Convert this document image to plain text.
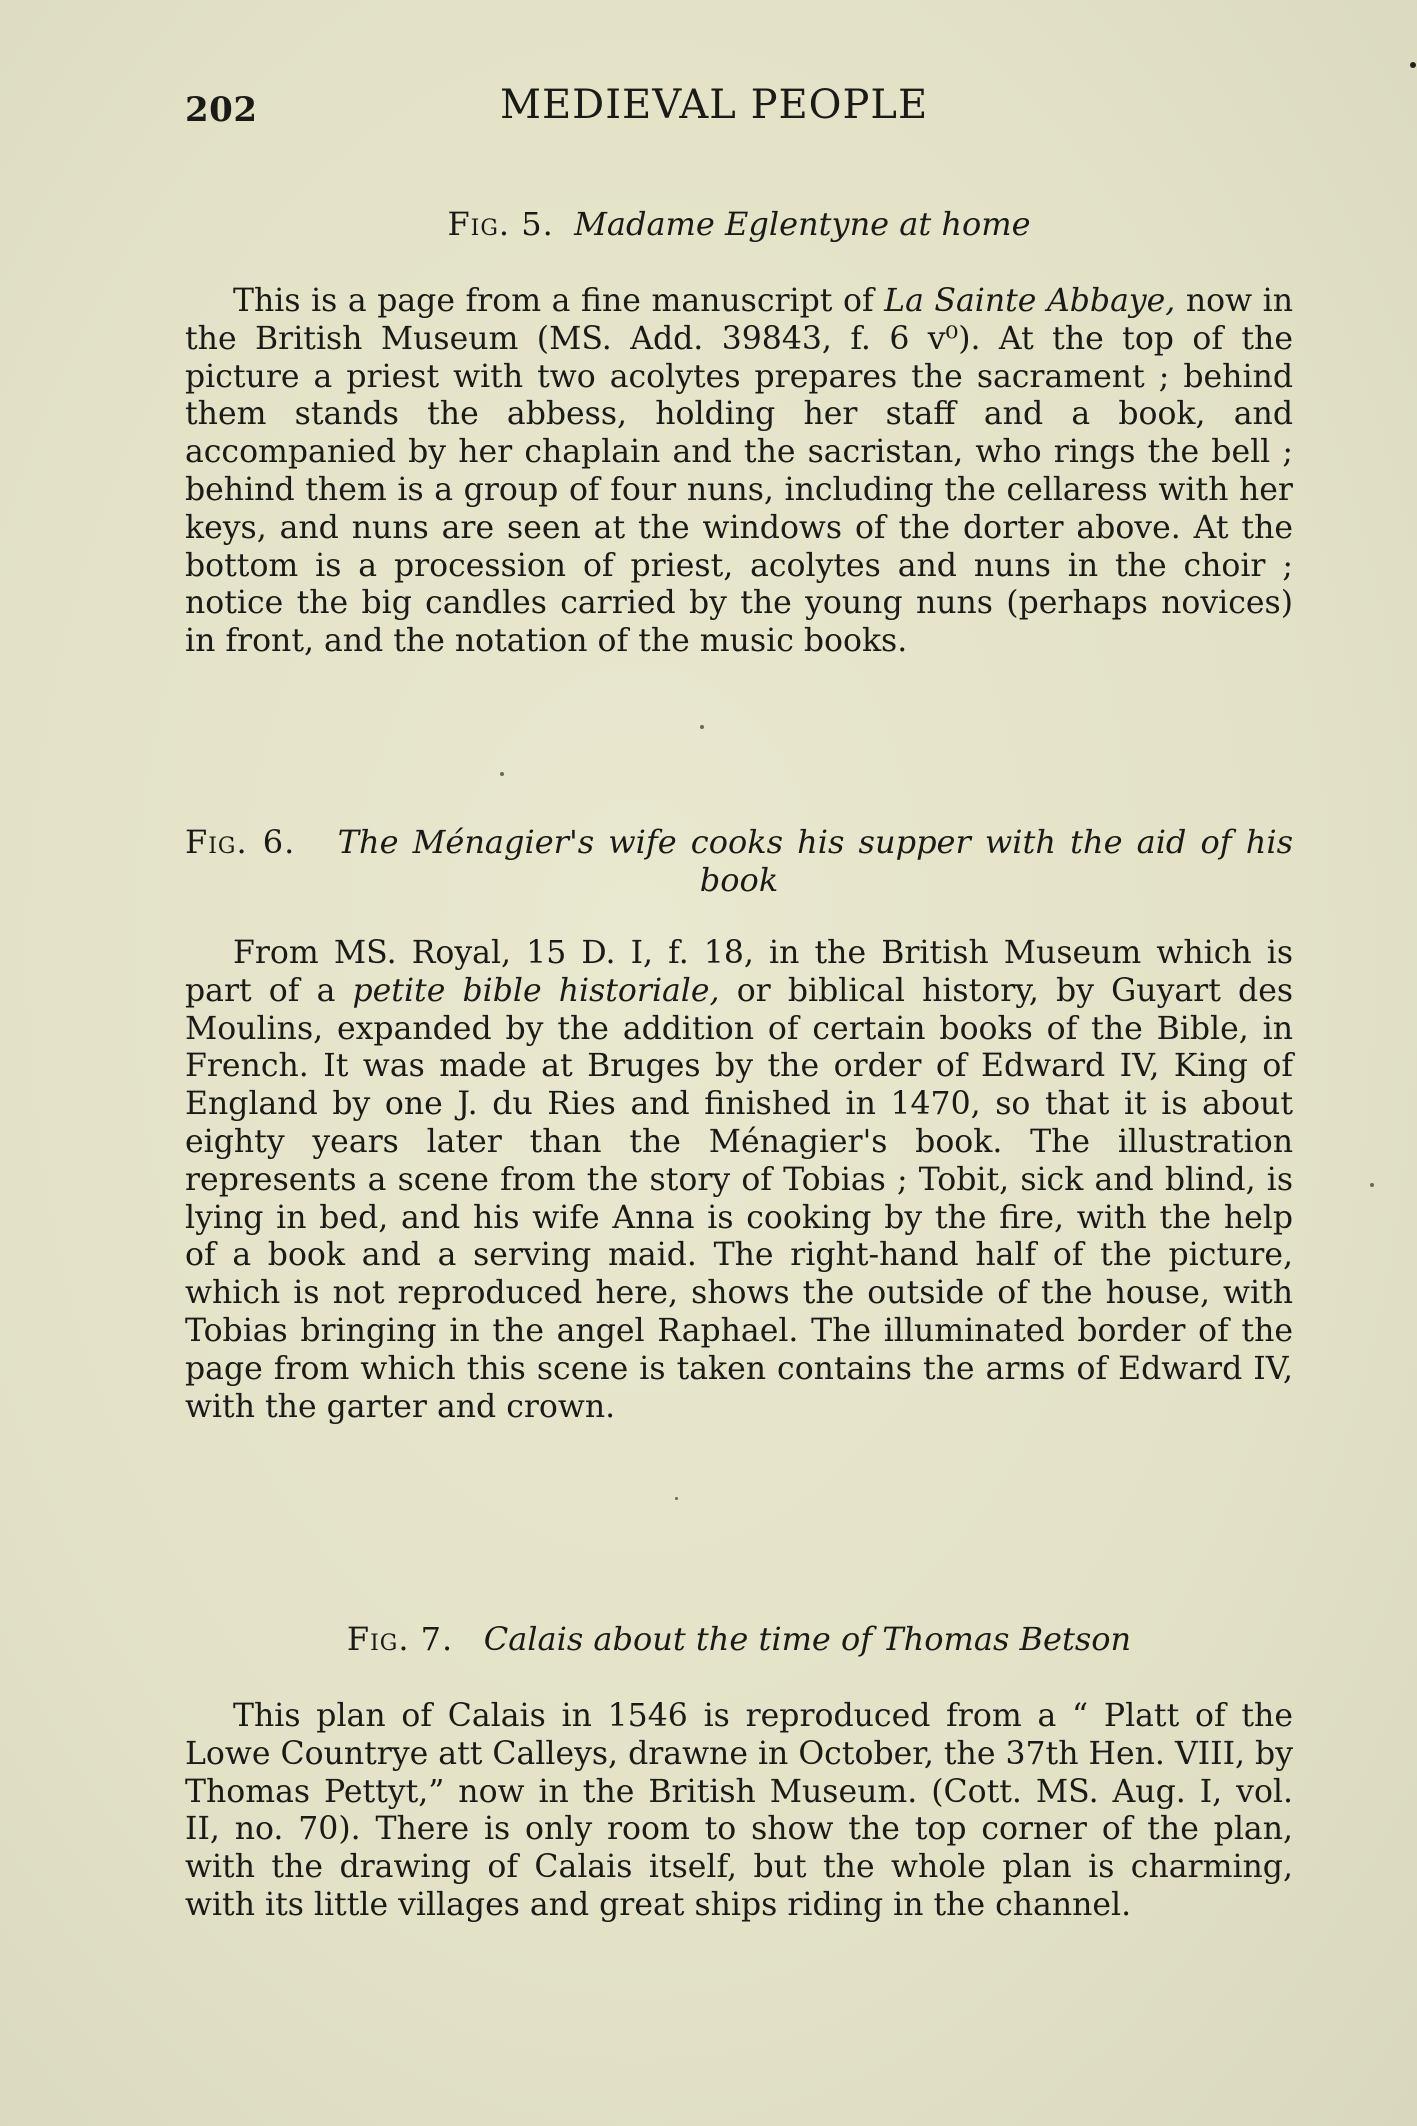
202	MEDIEVAL PEOPLE
Fig. 5. Madame Eglentyne at home

This is a page from a fine manuscript of La Sainte Abbaye, now in the British Museum (MS. Add. 39843, f. 6 v⁰). At the top of the picture a priest with two acolytes prepares the sacrament ; behind them stands the abbess, holding her staff and a book, and accompanied by her chaplain and the sacristan, who rings the bell ; behind them is a group of four nuns, including the cellaress with her keys, and nuns are seen at the windows of the dorter above. At the bottom is a procession of priest, acolytes and nuns in the choir ; notice the big candles carried by the young nuns (perhaps novices) in front, and the notation of the music books.

Fig. 6. The Ménagier's wife cooks his supper with the aid of his book

From MS. Royal, 15 D. I, f. 18, in the British Museum which is part of a petite bible historiale, or biblical history, by Guyart des Moulins, expanded by the addition of certain books of the Bible, in French. It was made at Bruges by the order of Edward IV, King of England by one J. du Ries and finished in 1470, so that it is about eighty years later than the Ménagier's book. The illustration represents a scene from the story of Tobias ; Tobit, sick and blind, is lying in bed, and his wife Anna is cooking by the fire, with the help of a book and a serving maid. The right-hand half of the picture, which is not reproduced here, shows the outside of the house, with Tobias bringing in the angel Raphael. The illuminated border of the page from which this scene is taken contains the arms of Edward IV, with the garter and crown.

Fig. 7. Calais about the time of Thomas Betson

This plan of Calais in 1546 is reproduced from a “ Platt of the Lowe Countrye att Calleys, drawne in October, the 37th Hen. VIII, by Thomas Pettyt,” now in the British Museum. (Cott. MS. Aug. I, vol. II, no. 70). There is only room to show the top corner of the plan, with the drawing of Calais itself, but the whole plan is charming, with its little villages and great ships riding in the channel.
